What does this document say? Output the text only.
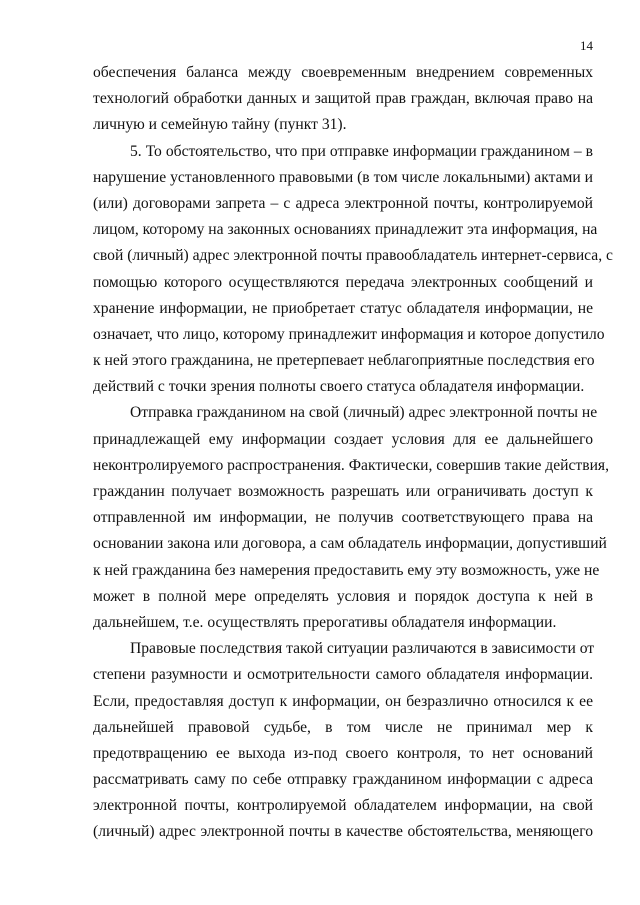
14
обеспечения баланса между своевременным внедрением современных
технологий обработки данных и защитой прав граждан, включая право на
личную и семейную тайну (пункт 31).
5. То обстоятельство, что при отправке информации гражданином – в
нарушение установленного правовыми (в том числе локальными) актами и
(или) договорами запрета – с адреса электронной почты, контролируемой
лицом, которому на законных основаниях принадлежит эта информация, на
свой (личный) адрес электронной почты правообладатель интернет-сервиса, с
помощью которого осуществляются передача электронных сообщений и
хранение информации, не приобретает статус обладателя информации, не
означает, что лицо, которому принадлежит информация и которое допустило
к ней этого гражданина, не претерпевает неблагоприятные последствия его
действий с точки зрения полноты своего статуса обладателя информации.
Отправка гражданином на свой (личный) адрес электронной почты не
принадлежащей ему информации создает условия для ее дальнейшего
неконтролируемого распространения. Фактически, совершив такие действия,
гражданин получает возможность разрешать или ограничивать доступ к
отправленной им информации, не получив соответствующего права на
основании закона или договора, а сам обладатель информации, допустивший
к ней гражданина без намерения предоставить ему эту возможность, уже не
может в полной мере определять условия и порядок доступа к ней в
дальнейшем, т.е. осуществлять прерогативы обладателя информации.
Правовые последствия такой ситуации различаются в зависимости от
степени разумности и осмотрительности самого обладателя информации.
Если, предоставляя доступ к информации, он безразлично относился к ее
дальнейшей правовой судьбе, в том числе не принимал мер к
предотвращению ее выхода из-под своего контроля, то нет оснований
рассматривать саму по себе отправку гражданином информации с адреса
электронной почты, контролируемой обладателем информации, на свой
(личный) адрес электронной почты в качестве обстоятельства, меняющего
